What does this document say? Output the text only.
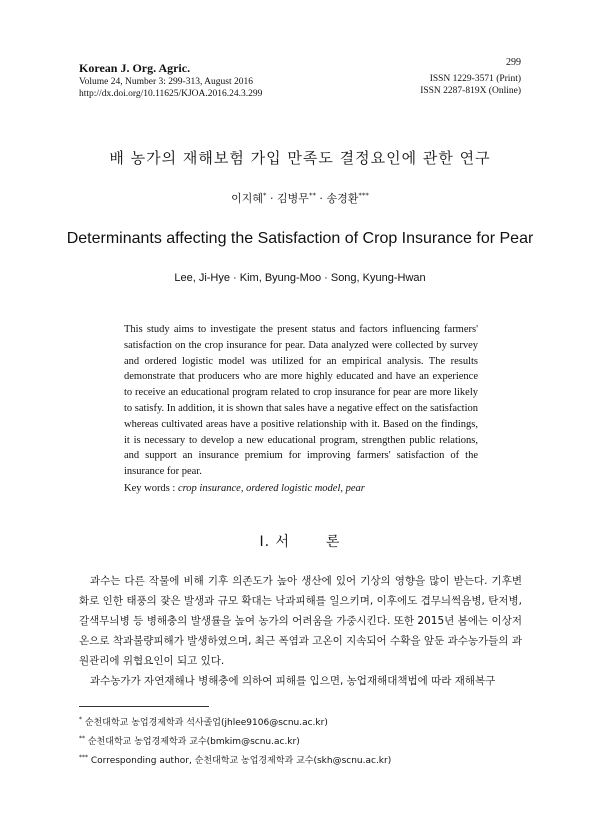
Korean J. Org. Agric.
Volume 24, Number 3: 299-313, August 2016
http://dx.doi.org/10.11625/KJOA.2016.24.3.299
299
ISSN 1229-3571 (Print)
ISSN 2287-819X (Online)
배 농가의 재해보험 가입 만족도 결정요인에 관한 연구
이지혜* · 김병무** · 송경환***
Determinants affecting the Satisfaction of Crop Insurance for Pear
Lee, Ji-Hye · Kim, Byung-Moo · Song, Kyung-Hwan
This study aims to investigate the present status and factors influencing farmers' satisfaction on the crop insurance for pear. Data analyzed were collected by survey and ordered logistic model was utilized for an empirical analysis. The results demonstrate that producers who are more highly educated and have an experience to receive an educational program related to crop insurance for pear are more likely to satisfy. In addition, it is shown that sales have a negative effect on the satisfaction whereas cultivated areas have a positive relationship with it. Based on the findings, it is necessary to develop a new educational program, strengthen public relations, and support an insurance premium for improving farmers' satisfaction of the insurance for pear.
Key words : crop insurance, ordered logistic model, pear
Ⅰ. 서	론

과수는 다른 작물에 비해 기후 의존도가 높아 생산에 있어 기상의 영향을 많이 받는다. 기후변화로 인한 태풍의 잦은 발생과 규모 확대는 낙과피해를 일으키며, 이후에도 겹무늬썩음병, 탄저병, 갈색무늬병 등 병해충의 발생률을 높여 농가의 어려움을 가중시킨다. 또한 2015년 봄에는 이상저온으로 착과불량피해가 발생하였으며, 최근 폭염과 고온이 지속되어 수확을 앞둔 과수농가들의 과원관리에 위협요인이 되고 있다.

과수농가가 자연재해나 병해충에 의하여 피해를 입으면, 농업재해대책법에 따라 재해복구

* 순천대학교 농업경제학과 석사졸업(jhlee9106@scnu.ac.kr)
** 순천대학교 농업경제학과 교수(bmkim@scnu.ac.kr)
*** Corresponding author, 순천대학교 농업경제학과 교수(skh@scnu.ac.kr)
